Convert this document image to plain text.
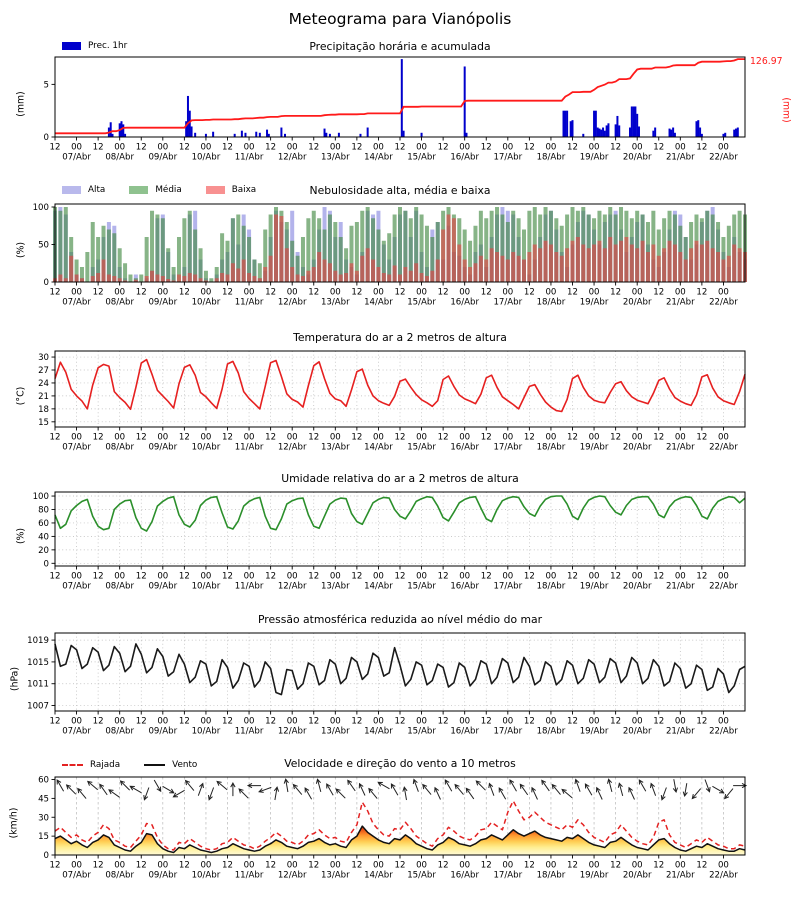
Meteograma para Vianópolis
12 00
07/Abr
12 00
08/Abr
12 00
09/Abr
12 00
10/Abr
12 00
11/Abr
12 00
12/Abr
12 00
13/Abr
12 00
14/Abr
12 00
15/Abr
12 00
16/Abr
12 00
17/Abr
12 00
18/Abr
12 00
19/Abr
12 00
20/Abr
12 00
21/Abr
12 00
22/Abr
0
5
12 00
07/Abr
12 00
08/Abr
12 00
09/Abr
12 00
10/Abr
12 00
11/Abr
12 00
12/Abr
12 00
13/Abr
12 00
14/Abr
12 00
15/Abr
12 00
16/Abr
12 00
17/Abr
12 00
18/Abr
12 00
19/Abr
12 00
20/Abr
12 00
21/Abr
12 00
22/Abr
0
50
100
12 00
07/Abr
12 00
08/Abr
12 00
09/Abr
12 00
10/Abr
12 00
11/Abr
12 00
12/Abr
12 00
13/Abr
12 00
14/Abr
12 00
15/Abr
12 00
16/Abr
12 00
17/Abr
12 00
18/Abr
12 00
19/Abr
12 00
20/Abr
12 00
21/Abr
12 00
22/Abr
15
18
21
24
27
30
12 00
07/Abr
12 00
08/Abr
12 00
09/Abr
12 00
10/Abr
12 00
11/Abr
12 00
12/Abr
12 00
13/Abr
12 00
14/Abr
12 00
15/Abr
12 00
16/Abr
12 00
17/Abr
12 00
18/Abr
12 00
19/Abr
12 00
20/Abr
12 00
21/Abr
12 00
22/Abr
0
20
40
60
80
100
12 00
07/Abr
12 00
08/Abr
12 00
09/Abr
12 00
10/Abr
12 00
11/Abr
12 00
12/Abr
12 00
13/Abr
12 00
14/Abr
12 00
15/Abr
12 00
16/Abr
12 00
17/Abr
12 00
18/Abr
12 00
19/Abr
12 00
20/Abr
12 00
21/Abr
12 00
22/Abr
1007
1011
1015
1019
12 00
07/Abr
12 00
08/Abr
12 00
09/Abr
12 00
10/Abr
12 00
11/Abr
12 00
12/Abr
12 00
13/Abr
12 00
14/Abr
12 00
15/Abr
12 00
16/Abr
12 00
17/Abr
12 00
18/Abr
12 00
19/Abr
12 00
20/Abr
12 00
21/Abr
12 00
22/Abr
0
15
30
45
60
Precipitação horária e acumulada
Nebulosidade alta, média e baixa
Temperatura do ar a 2 metros de altura
Umidade relativa do ar a 2 metros de altura
Pressão atmosférica reduzida ao nível médio do mar
Velocidade e direção do vento a 10 metros
Prec. 1hr
Alta	Média	Baixa
Rajada	Vento
(mm)
(%)
(°C)
(%)
(hPa)
(km/h)
126.97
(mm)
